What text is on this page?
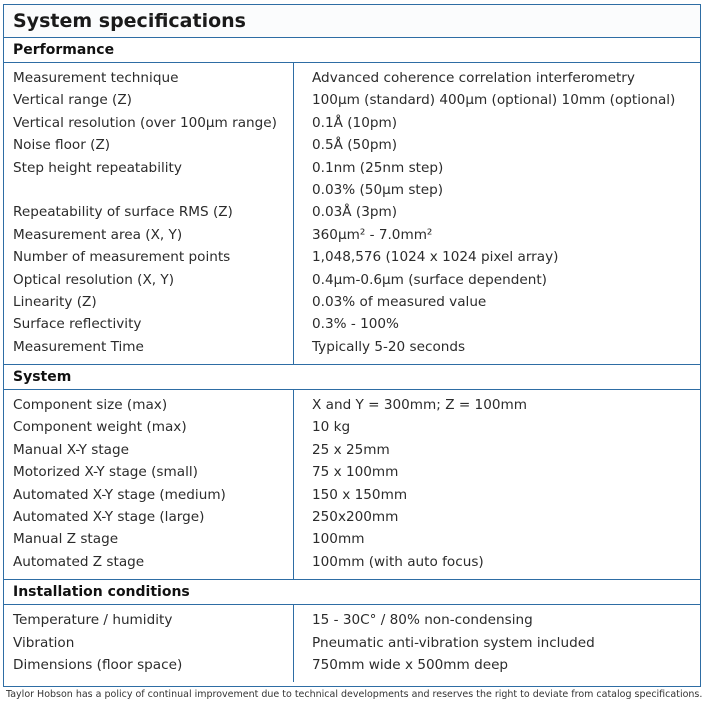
System specifications
Performance
Measurement technique
Vertical range (Z)
Vertical resolution (over 100µm range)
Noise floor (Z)
Step height repeatability
Repeatability of surface RMS (Z)
Measurement area (X, Y)
Number of measurement points
Optical resolution (X, Y)
Linearity (Z)
Surface reflectivity
Measurement Time
Advanced coherence correlation interferometry
100µm (standard) 400µm (optional) 10mm (optional)
0.1Å (10pm)
0.5Å (50pm)
0.1nm (25nm step)
0.03% (50µm step)
0.03Å (3pm)
360µm² - 7.0mm²
1,048,576 (1024 x 1024 pixel array)
0.4µm-0.6µm (surface dependent)
0.03% of measured value
0.3% - 100%
Typically 5-20 seconds
System
Component size (max)
Component weight (max)
Manual X-Y stage
Motorized X-Y stage (small)
Automated X-Y stage (medium)
Automated X-Y stage (large)
Manual Z stage
Automated Z stage
X and Y = 300mm; Z = 100mm
10 kg
25 x 25mm
75 x 100mm
150 x 150mm
250x200mm
100mm
100mm (with auto focus)
Installation conditions
Temperature / humidity
Vibration
Dimensions (floor space)
15 - 30C° / 80% non-condensing
Pneumatic anti-vibration system included
750mm wide x 500mm deep
Taylor Hobson has a policy of continual improvement due to technical developments and reserves the right to deviate from catalog specifications.
